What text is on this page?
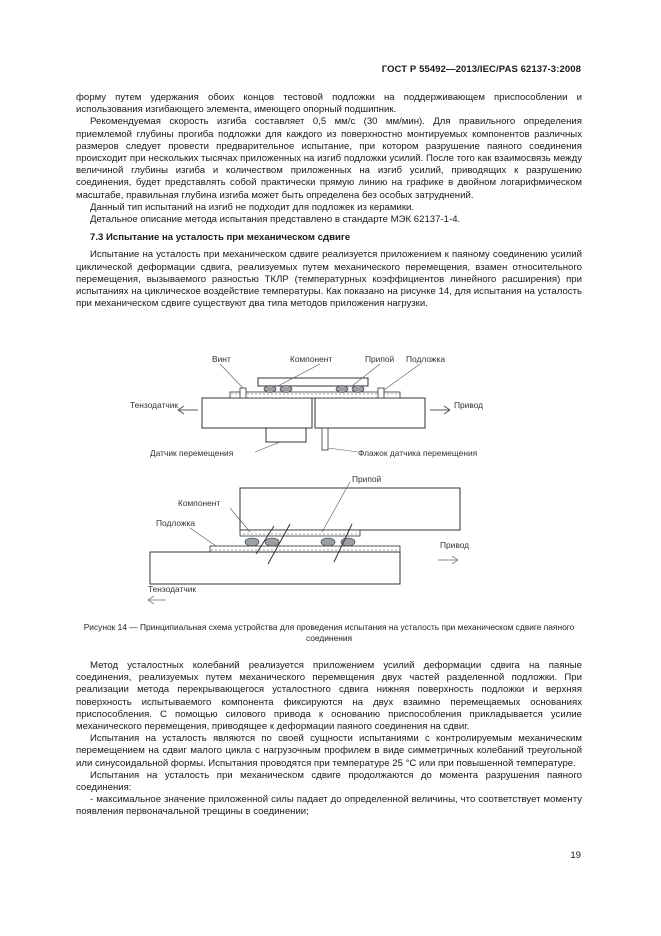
ГОСТ Р 55492—2013/IEC/PAS 62137-3:2008

форму путем удержания обоих концов тестовой подложки на поддерживающем приспособлении и использования изгибающего элемента, имеющего опорный подшипник.

Рекомендуемая скорость изгиба составляет 0,5 мм/с (30 мм/мин). Для правильного определения приемлемой глубины прогиба подложки для каждого из поверхностно монтируемых компонентов различных размеров следует провести предварительное испытание, при котором разрушение паяного соединения происходит при нескольких тысячах приложенных на изгиб подложки усилий. После того как взаимосвязь между величиной глубины изгиба и количеством приложенных на изгиб усилий, приводящих к разрушению соединения, будет представлять собой практически прямую линию на графике в двойном логарифмическом масштабе, правильная глубина изгиба может быть определена без особых затруднений.

Данный тип испытаний на изгиб не подходит для подложек из керамики.

Детальное описание метода испытания представлено в стандарте МЭК 62137-1-4.

7.3 Испытание на усталость при механическом сдвиге

Испытание на усталость при механическом сдвиге реализуется приложением к паяному соединению усилий циклической деформации сдвига, реализуемых путем механического перемещения, взамен относительного перемещения, вызываемого разностью ТКЛР (температурных коэффициентов линейного расширения) при испытаниях на циклическое воздействие температуры. Как показано на рисунке 14, для испытания на усталость при механическом сдвиге существуют два типа методов приложения нагрузки.

Винт	Компонент	Припой Подложка
Тензодатчик	Привод
Датчик перемещения	Флажок датчика перемещения
Припой
Компонент
Подложка
Привод
Тензодатчик
Рисунок 14 — Принципиальная схема устройства для проведения испытания на усталость при механическом сдвиге паяного соединения

Метод усталостных колебаний реализуется приложением усилий деформации сдвига на паяные соединения, реализуемых путем механического перемещения двух частей разделенной подложки. При реализации метода перекрывающегося усталостного сдвига нижняя поверхность подложки и верхняя поверхность испытываемого компонента фиксируются на двух взаимно перемещаемых основаниях приспособления. С помощью силового привода к основанию приспособления прикладывается усилие механического перемещения, приводящее к деформации паяного соединения на сдвиг.

Испытания на усталость являются по своей сущности испытаниями с контролируемым механическим перемещением на сдвиг малого цикла с нагрузочным профилем в виде симметричных колебаний треугольной или синусоидальной формы. Испытания проводятся при температуре 25 °С или при повышенной температуре.

Испытания на усталость при механическом сдвиге продолжаются до момента разрушения паяного соединения:

- максимальное значение приложенной силы падает до определенной величины, что соответствует моменту появления первоначальной трещины в соединении;

19
